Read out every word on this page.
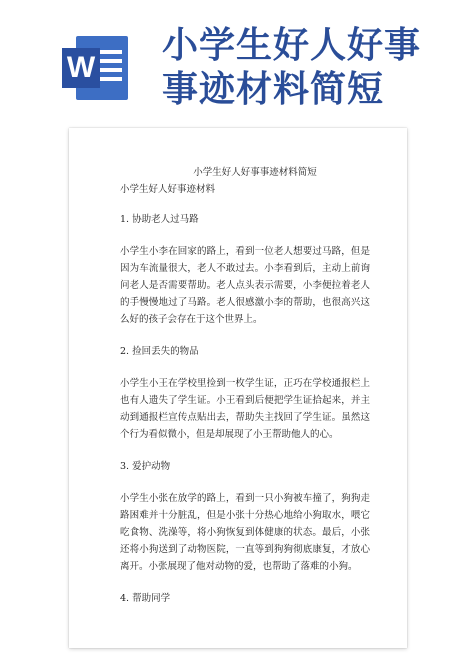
W
小学生好人好事事迹材料简短

小学生好人好事事迹材料简短

小学生好人好事迹材料

1. 协助老人过马路

小学生小李在回家的路上，看到一位老人想要过马路，但是因为车流量很大，老人不敢过去。小李看到后，主动上前询问老人是否需要帮助。老人点头表示需要，小李便拉着老人的手慢慢地过了马路。老人很感激小李的帮助，也很高兴这么好的孩子会存在于这个世界上。

2. 捡回丢失的物品

小学生小王在学校里捡到一枚学生证，正巧在学校通报栏上也有人遗失了学生证。小王看到后便把学生证拾起来，并主动到通报栏宣传点贴出去，帮助失主找回了学生证。虽然这个行为看似微小，但是却展现了小王帮助他人的心。

3. 爱护动物

小学生小张在放学的路上，看到一只小狗被车撞了，狗狗走路困难并十分脏乱，但是小张十分热心地给小狗取水，喂它吃食物、洗澡等，将小狗恢复到体健康的状态。最后，小张还将小狗送到了动物医院，一直等到狗狗彻底康复，才放心离开。小张展现了他对动物的爱，也帮助了落难的小狗。

4. 帮助同学
